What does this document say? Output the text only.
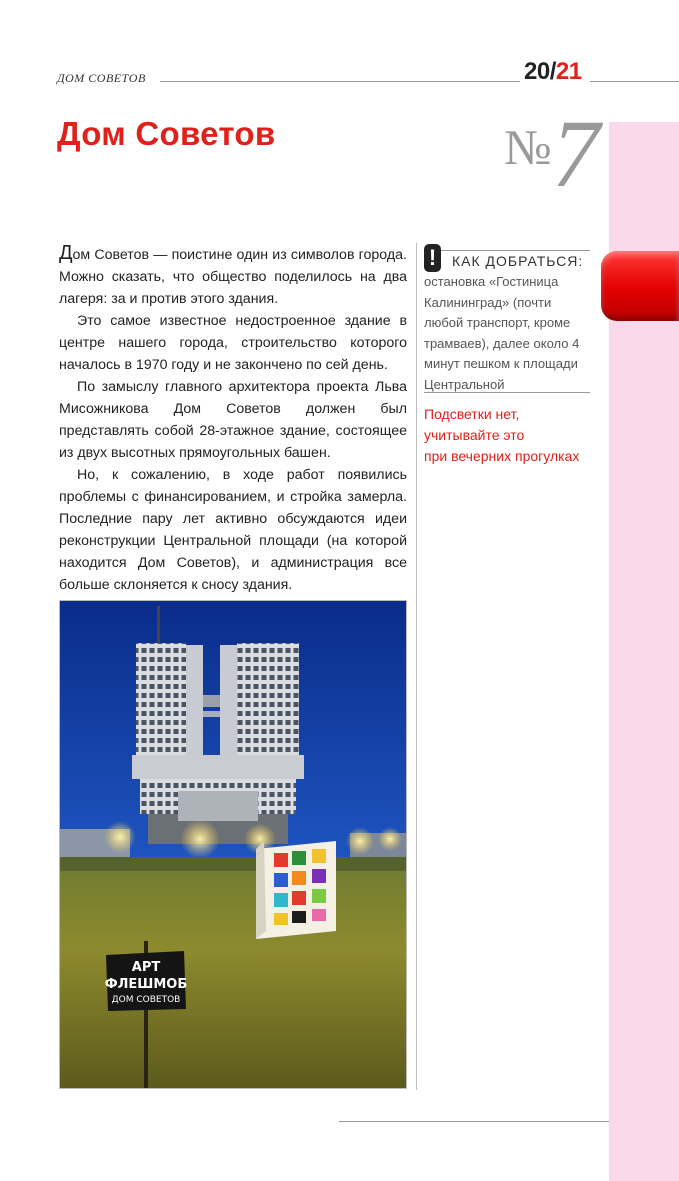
ДОМ СОВЕТОВ	20/21
Дом Советов	№7

Дом Советов — поистине один из символов города. Можно сказать, что общество поделилось на два лагеря: за и против этого здания.

Это самое известное недостроенное здание в центре нашего города, строительство которого началось в 1970 году и не закончено по сей день.

По замыслу главного архитектора проекта Льва Мисожникова Дом Советов должен был представлять собой 28-этажное здание, состоящее из двух высотных прямоугольных башен.

Но, к сожалению, в ходе работ появились проблемы с финансированием, и стройка замерла. Последние пару лет активно обсуждаются идеи реконструкции Центральной площади (на которой находится Дом Советов), и администрация все больше склоняется к сносу здания.

!	КАК ДОБРАТЬСЯ:
остановка «Гостиница Калининград» (почти любой транспорт, кроме трамваев), далее около 4 минут пешком к площади Центральной
Подсветки нет,
учитывайте это
при вечерних прогулках
АРТ
ФЛЕШМОБ
ДОМ СОВЕТОВ
